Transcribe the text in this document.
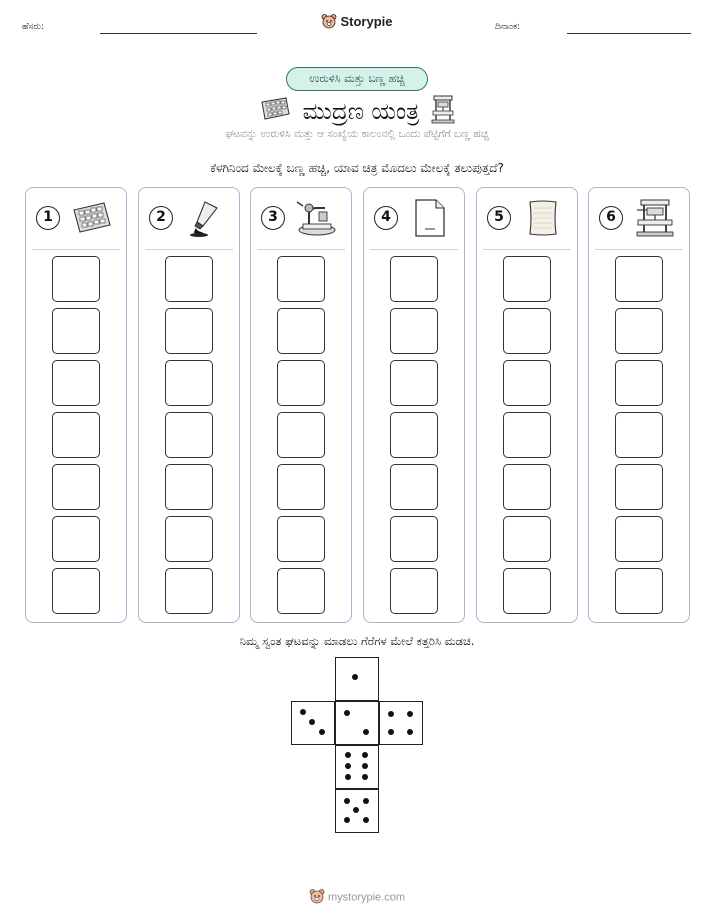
ಹೆಸರು:	Storypie	ದಿನಾಂಕ:
ಉರುಳಿಸಿ ಮತ್ತು ಬಣ್ಣ ಹಚ್ಚಿ
ಮುದ್ರಣ ಯಂತ್ರ
ಘಟವನ್ನು ಉರುಳಿಸಿ ಮತ್ತು ಆ ಸಂಖ್ಯೆಯ ಕಾಲಂನಲ್ಲಿ ಒಂದು ಪೆಟ್ಟಿಗೆಗೆ ಬಣ್ಣ ಹಚ್ಚಿ
ಕೆಳಗಿನಿಂದ ಮೇಲಕ್ಕೆ ಬಣ್ಣ ಹಚ್ಚಿ, ಯಾವ ಚಿತ್ರ ಮೊದಲು ಮೇಲಕ್ಕೆ ತಲುಪುತ್ತದೆ?
1	2	3	4	5	6
ನಿಮ್ಮ ಸ್ವಂತ ಘಟವನ್ನು ಮಾಡಲು ಗೆರೆಗಳ ಮೇಲೆ ಕತ್ತರಿಸಿ ಮಡಚಿ.
mystorypie.com
